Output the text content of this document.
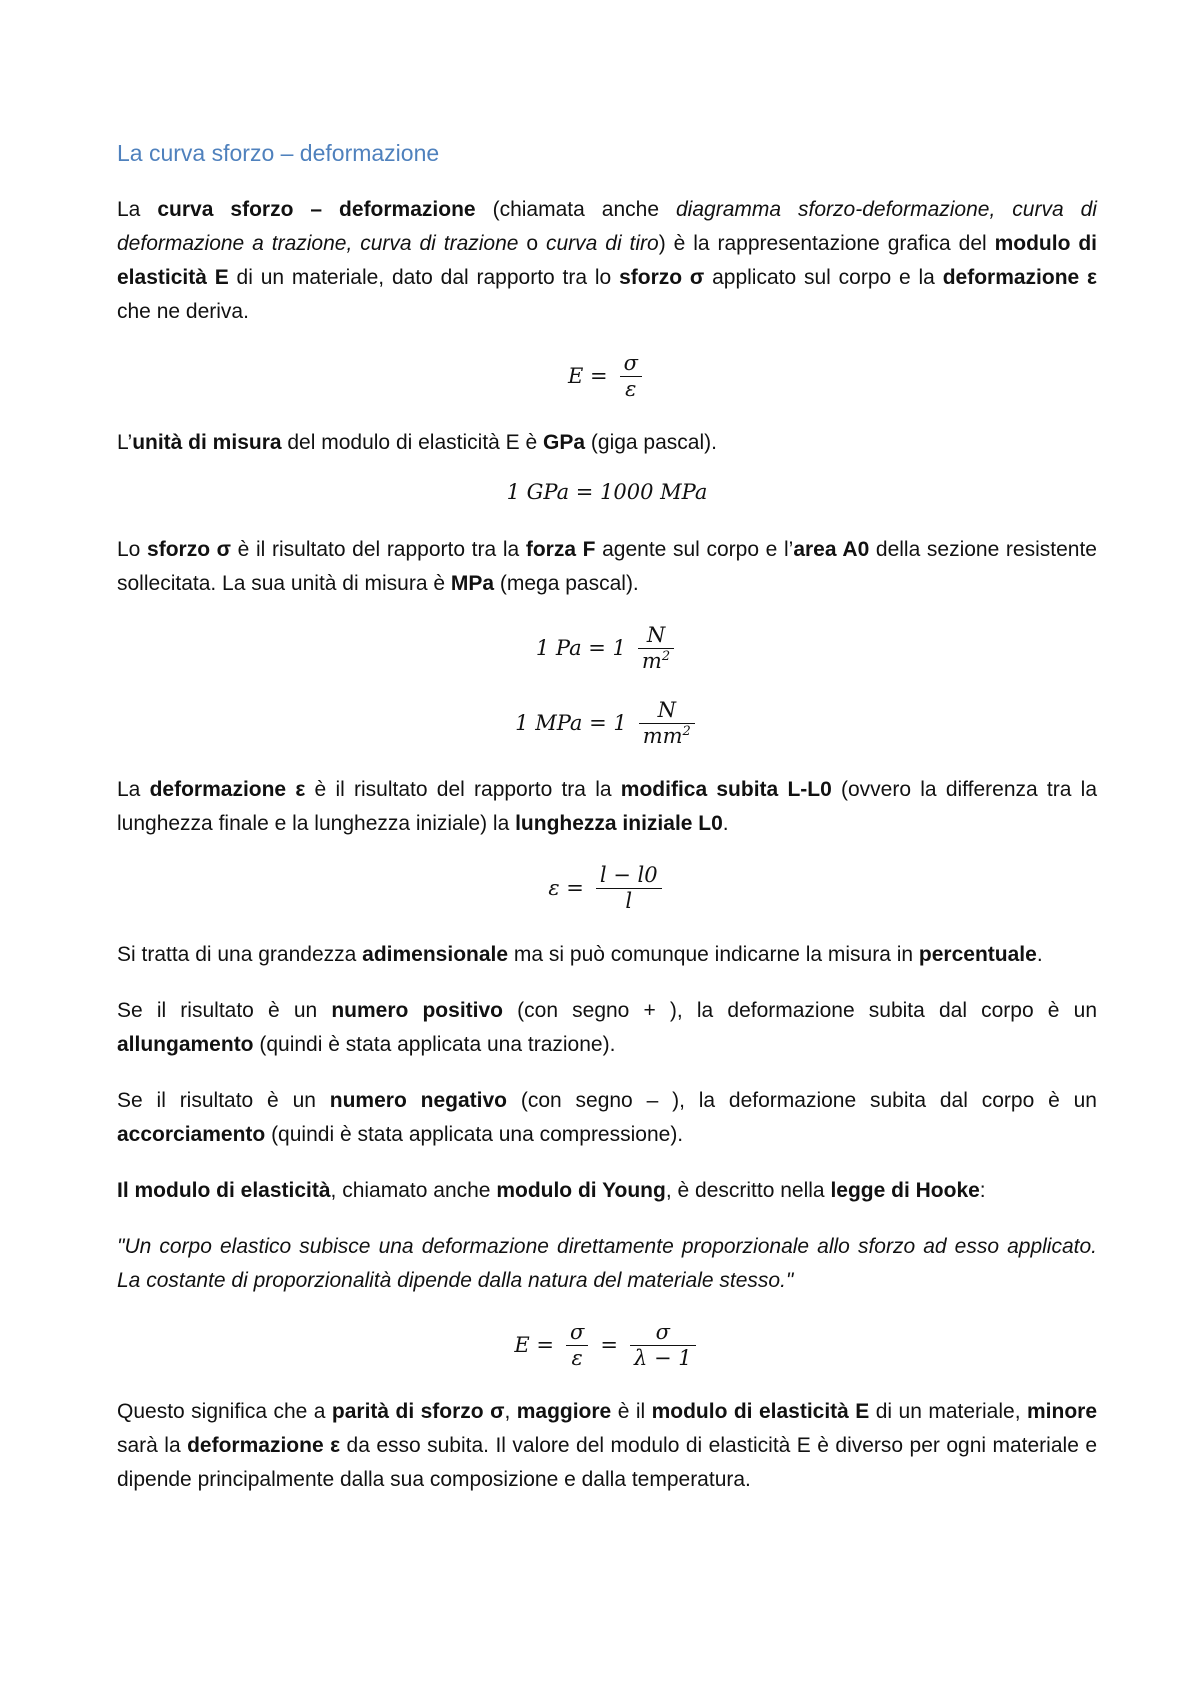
La curva sforzo – deformazione

La curva sforzo – deformazione (chiamata anche diagramma sforzo-deformazione, curva di deformazione a trazione, curva di trazione o curva di tiro) è la rappresentazione grafica del modulo di elasticità E di un materiale, dato dal rapporto tra lo sforzo σ applicato sul corpo e la deformazione ε che ne deriva.

$E = \frac{\sigma}{\varepsilon}$

L’unità di misura del modulo di elasticità E è GPa (giga pascal).

1 GPa = 1000 MPa

Lo sforzo σ è il risultato del rapporto tra la forza F agente sul corpo e l’area A0 della sezione resistente sollecitata. La sua unità di misura è MPa (mega pascal).

1 $Pa = 1 \frac{N}{m^2}$
1 MPa = $1 \frac{N}{mm^2}$

La deformazione ε è il risultato del rapporto tra la modifica subita L-L0 (ovvero la differenza tra la lunghezza finale e la lunghezza iniziale) la lunghezza iniziale L0.

$\varepsilon = \frac{l - l0}{l}$

Si tratta di una grandezza adimensionale ma si può comunque indicarne la misura in percentuale.

Se il risultato è un numero positivo (con segno + ), la deformazione subita dal corpo è un allungamento (quindi è stata applicata una trazione).

Se il risultato è un numero negativo (con segno – ), la deformazione subita dal corpo è un accorciamento (quindi è stata applicata una compressione).

Il modulo di elasticità, chiamato anche modulo di Young, è descritto nella legge di Hooke:

"Un corpo elastico subisce una deformazione direttamente proporzionale allo sforzo ad esso applicato. La costante di proporzionalità dipende dalla natura del materiale stesso."

$E = \frac{\sigma}{\varepsilon} = \frac{\sigma}{\lambda - 1}$

Questo significa che a parità di sforzo σ, maggiore è il modulo di elasticità E di un materiale, minore sarà la deformazione ε da esso subita. Il valore del modulo di elasticità E è diverso per ogni materiale e dipende principalmente dalla sua composizione e dalla temperatura.
